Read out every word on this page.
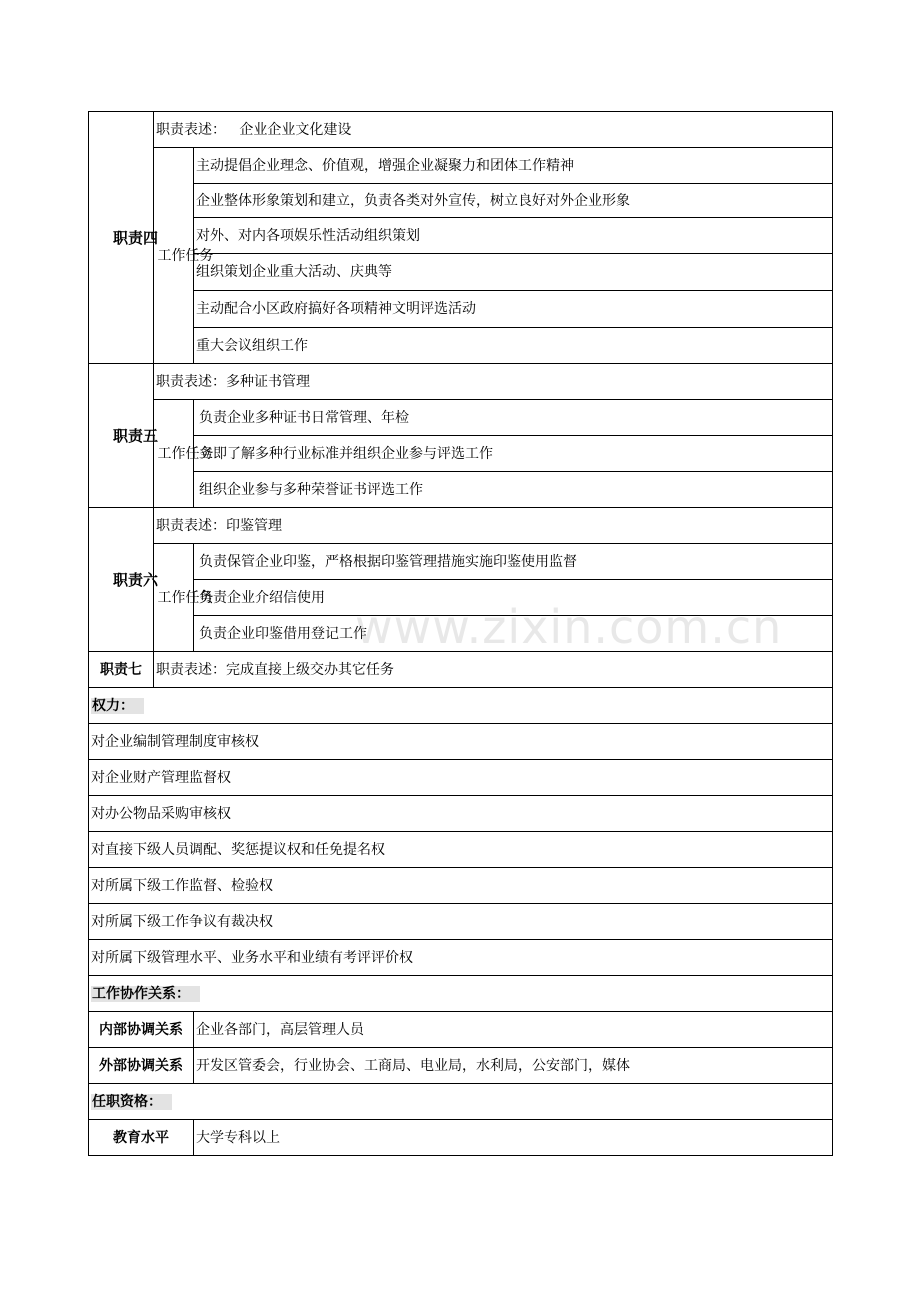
职责四	职责表述： 企业企业文化建设	
	工作任务	主动提倡企业理念、价值观，增强企业凝聚力和团体工作精神
		企业整体形象策划和建立，负责各类对外宣传，树立良好对外企业形象
		对外、对内各项娱乐性活动组织策划
		组织策划企业重大活动、庆典等
		主动配合小区政府搞好各项精神文明评选活动
		重大会议组织工作
职责五	职责表述：多种证书管理	
	工作任务	负责企业多种证书日常管理、年检
		立即了解多种行业标准并组织企业参与评选工作
		组织企业参与多种荣誉证书评选工作
职责六	职责表述：印鉴管理	
	工作任务	负责保管企业印鉴，严格根据印鉴管理措施实施印鉴使用监督
		负责企业介绍信使用
		负责企业印鉴借用登记工作
职责七	职责表述：完成直接上级交办其它任务	
权力：		
对企业编制管理制度审核权		
对企业财产管理监督权		
对办公物品采购审核权		
对直接下级人员调配、奖惩提议权和任免提名权		
对所属下级工作监督、检验权		
对所属下级工作争议有裁决权		
对所属下级管理水平、业务水平和业绩有考评评价权		
工作协作关系：		
内部协调关系		企业各部门，高层管理人员
外部协调关系		开发区管委会，行业协会、工商局、电业局，水利局，公安部门，媒体
任职资格：		
教育水平		大学专科以上
www.zixin.com.cn
